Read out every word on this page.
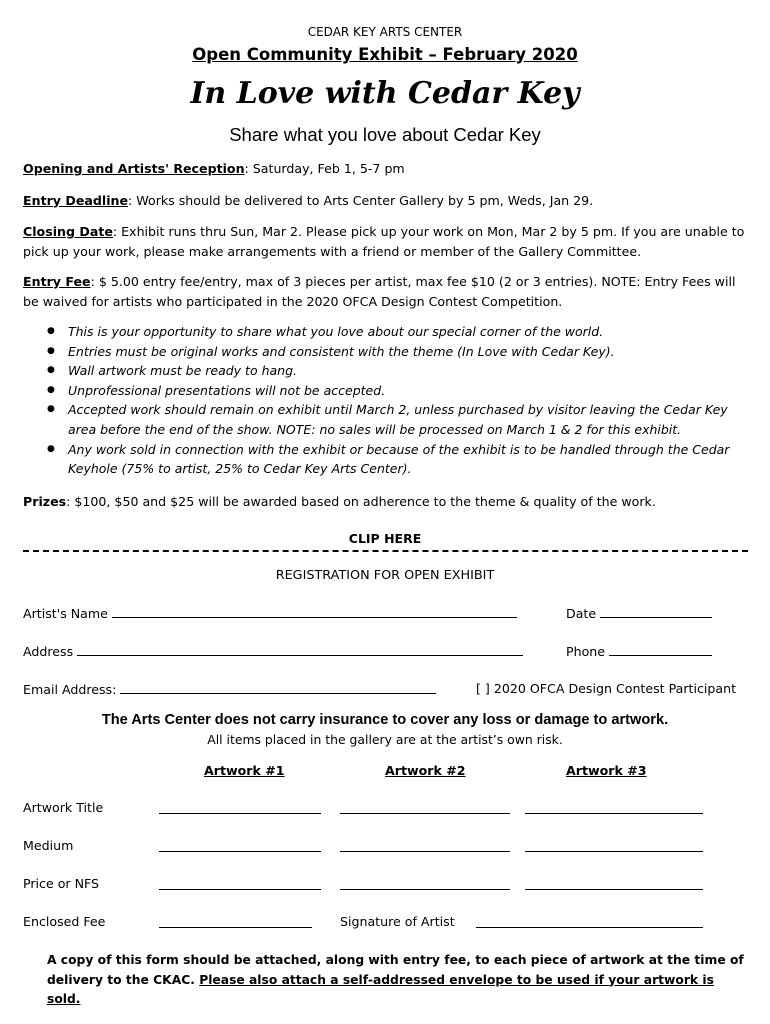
CEDAR KEY ARTS CENTER
Open Community Exhibit – February 2020
In Love with Cedar Key
Share what you love about Cedar Key
Opening and Artists' Reception: Saturday, Feb 1, 5-7 pm
Entry Deadline: Works should be delivered to Arts Center Gallery by 5 pm, Weds, Jan 29.
Closing Date: Exhibit runs thru Sun, Mar 2. Please pick up your work on Mon, Mar 2 by 5 pm. If you are unable to pick up your work, please make arrangements with a friend or member of the Gallery Committee.
Entry Fee: $ 5.00 entry fee/entry, max of 3 pieces per artist, max fee $10 (2 or 3 entries). NOTE: Entry Fees will be waived for artists who participated in the 2020 OFCA Design Contest Competition.
● This is your opportunity to share what you love about our special corner of the world.
● Entries must be original works and consistent with the theme (In Love with Cedar Key).
● Wall artwork must be ready to hang.
● Unprofessional presentations will not be accepted.
● Accepted work should remain on exhibit until March 2, unless purchased by visitor leaving the Cedar Key area before the end of the show. NOTE: no sales will be processed on March 1 & 2 for this exhibit.
● Any work sold in connection with the exhibit or because of the exhibit is to be handled through the Cedar Keyhole (75% to artist, 25% to Cedar Key Arts Center).
Prizes: $100, $50 and $25 will be awarded based on adherence to the theme & quality of the work.
CLIP HERE
REGISTRATION FOR OPEN EXHIBIT
Artist's Name	Date
Address	Phone
Email Address:	[ ] 2020 OFCA Design Contest Participant
The Arts Center does not carry insurance to cover any loss or damage to artwork.
All items placed in the gallery are at the artist’s own risk.
Artwork #1	Artwork #2	Artwork #3
Artwork Title
Medium
Price or NFS
Enclosed Fee	Signature of Artist
A copy of this form should be attached, along with entry fee, to each piece of artwork at the time of delivery to the CKAC. Please also attach a self-addressed envelope to be used if your artwork is sold.
